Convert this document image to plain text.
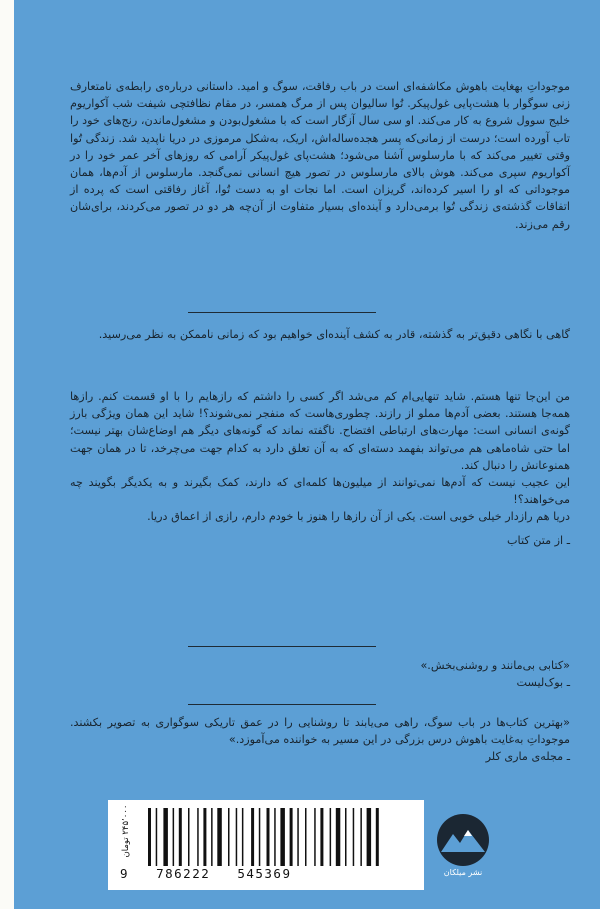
موجوداتِ بهغایت باهوش مکاشفه‌ای است در باب رفاقت، سوگ و امید. داستانی درباره‌ی رابطه‌ی نامتعارف زنی سوگوار با هشت‌پایی غول‌پیکر. تُوا سالیوان پس از مرگ همسر، در مقام نظافتچی شیفت شب آکواریوم خلیج سوول شروع به کار می‌کند. او سی سال آزگار است که با مشغول‌بودن و مشغول‌ماندن، رنج‌های خود را تاب آورده است؛ درست از زمانی‌که پسر هجده‌ساله‌اش، اریک، به‌شکل مرموزی در دریا ناپدید شد. زندگی تُوا وقتی تغییر می‌کند که با مارسلوس آشنا می‌شود؛ هشت‌پای غول‌پیکر آرامی که روزهای آخر عمر خود را در آکواریوم سپری می‌کند. هوش بالای مارسلوس در تصور هیچ انسانی نمی‌گنجد. مارسلوس از آدم‌ها، همان موجوداتی که او را اسیر کرده‌اند، گریزان است. اما نجات او به دست تُوا، آغاز رفاقتی است که پرده از اتفاقات گذشته‌ی زندگی تُوا برمی‌دارد و آینده‌ای بسیار متفاوت از آن‌چه هر دو در تصور می‌کردند، برای‌شان رقم می‌زند.

گاهی با نگاهی دقیق‌تر به گذشته، قادر به کشف آینده‌ای خواهیم بود که زمانی ناممکن به نظر می‌رسید.

من این‌جا تنها هستم. شاید تنهایی‌ام کم می‌شد اگر کسی را داشتم که رازهایم را با او قسمت کنم. رازها همه‌جا هستند. بعضی آدم‌ها مملو از رازند. چطوری‌هاست که منفجر نمی‌شوند؟! شاید این همان ویژگی بارز گونه‌ی انسانی است: مهارت‌های ارتباطی افتضاح. ناگفته نماند که گونه‌های دیگر هم اوضاع‌شان بهتر نیست؛ اما حتی شاه‌ماهی هم می‌تواند بفهمد دسته‌ای که به آن تعلق دارد به کدام جهت می‌چرخد، تا در همان جهت همنوعانش را دنبال کند.

این عجیب نیست که آدم‌ها نمی‌توانند از میلیون‌ها کلمه‌ای که دارند، کمک بگیرند و به یکدیگر بگویند چه می‌خواهند؟!

دریا هم رازدار خیلی خوبی است. یکی از آن رازها را هنوز با خودم دارم، رازی از اعماق دریا.

ـ از متن کتاب

«کتابی بی‌مانند و روشنی‌بخش.»

ـ بوک‌لیست

«بهترین کتاب‌ها در باب سوگ، راهی می‌یابند تا روشنایی را در عمق تاریکی سوگواری به تصویر بکشند. موجوداتِ به‌غایت باهوش درس بزرگی در این مسیر به خواننده می‌آموزد.»

ـ مجله‌ی ماری کلر

۲۴۵٬۰۰۰ تومان
9   786222   545369	نشر میلکان
